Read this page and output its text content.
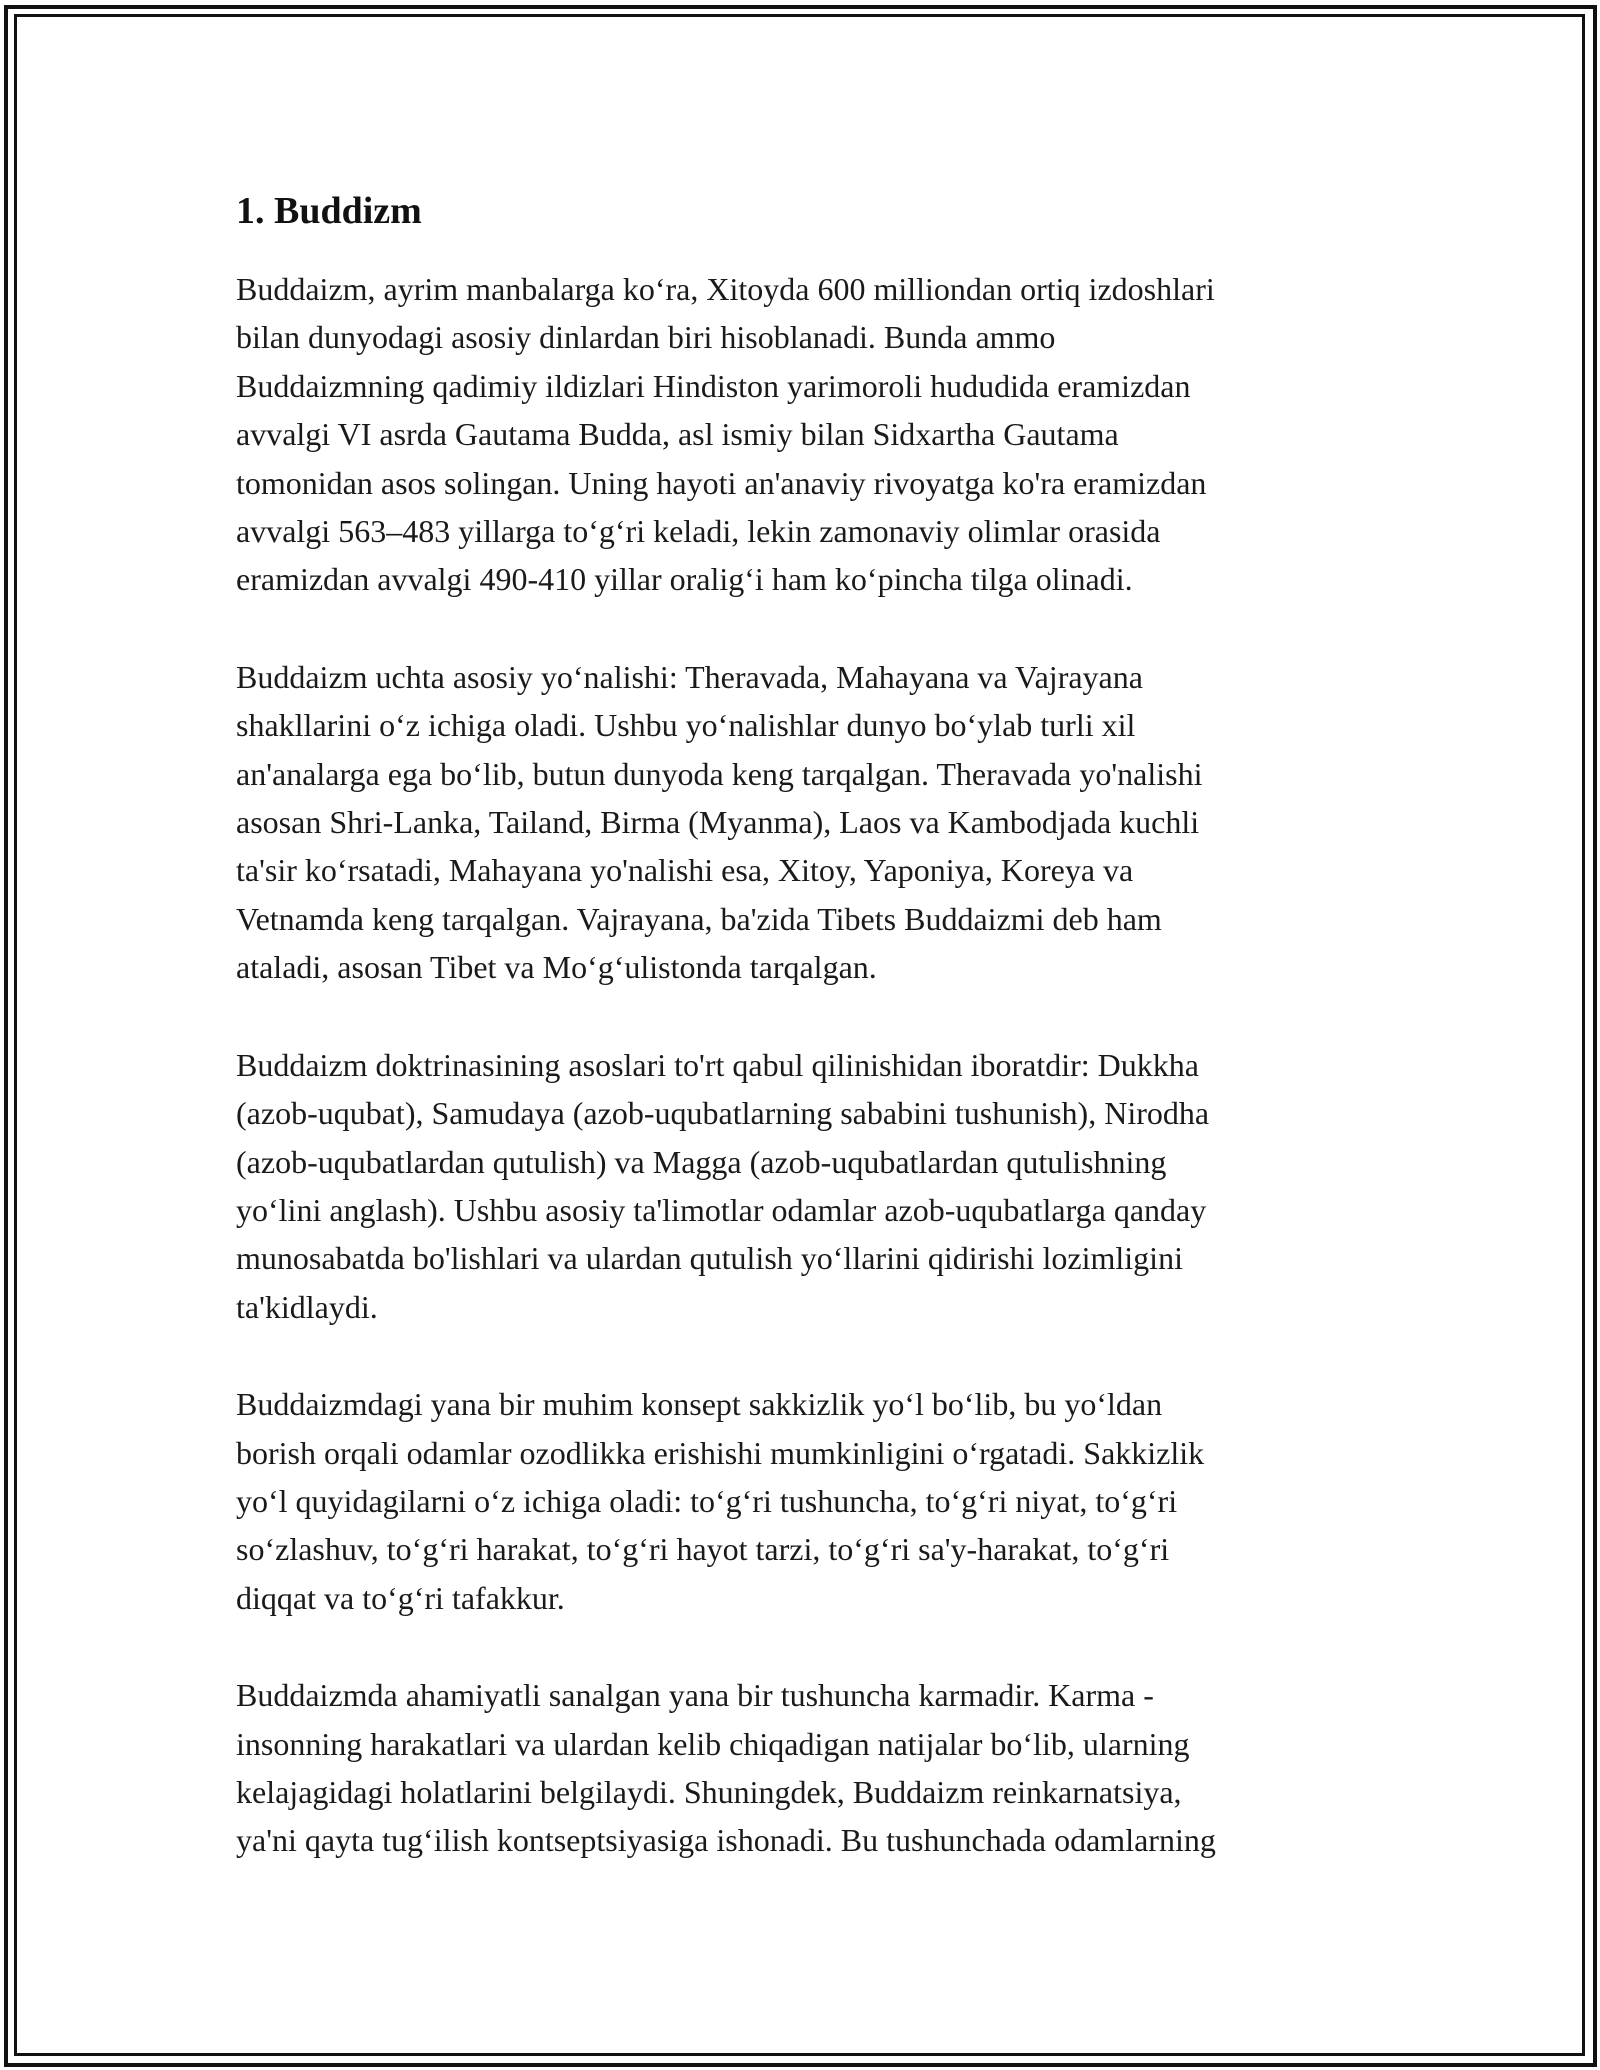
1. Buddizm

Buddaizm, ayrim manbalarga ko‘ra, Xitoyda 600 milliondan ortiq izdoshlari
bilan dunyodagi asosiy dinlardan biri hisoblanadi. Bunda ammo
Buddaizmning qadimiy ildizlari Hindiston yarimoroli hududida eramizdan
avvalgi VI asrda Gautama Budda, asl ismiy bilan Sidxartha Gautama
tomonidan asos solingan. Uning hayoti an'anaviy rivoyatga ko'ra eramizdan
avvalgi 563–483 yillarga to‘g‘ri keladi, lekin zamonaviy olimlar orasida
eramizdan avvalgi 490-410 yillar oralig‘i ham ko‘pincha tilga olinadi.

Buddaizm uchta asosiy yo‘nalishi: Theravada, Mahayana va Vajrayana
shakllarini o‘z ichiga oladi. Ushbu yo‘nalishlar dunyo bo‘ylab turli xil
an'analarga ega bo‘lib, butun dunyoda keng tarqalgan. Theravada yo'nalishi
asosan Shri-Lanka, Tailand, Birma (Myanma), Laos va Kambodjada kuchli
ta'sir ko‘rsatadi, Mahayana yo'nalishi esa, Xitoy, Yaponiya, Koreya va
Vetnamda keng tarqalgan. Vajrayana, ba'zida Tibets Buddaizmi deb ham
ataladi, asosan Tibet va Mo‘g‘ulistonda tarqalgan.

Buddaizm doktrinasining asoslari to'rt qabul qilinishidan iboratdir: Dukkha
(azob-uqubat), Samudaya (azob-uqubatlarning sababini tushunish), Nirodha
(azob-uqubatlardan qutulish) va Magga (azob-uqubatlardan qutulishning
yo‘lini anglash). Ushbu asosiy ta'limotlar odamlar azob-uqubatlarga qanday
munosabatda bo'lishlari va ulardan qutulish yo‘llarini qidirishi lozimligini
ta'kidlaydi.

Buddaizmdagi yana bir muhim konsept sakkizlik yo‘l bo‘lib, bu yo‘ldan
borish orqali odamlar ozodlikka erishishi mumkinligini o‘rgatadi. Sakkizlik
yo‘l quyidagilarni o‘z ichiga oladi: to‘g‘ri tushuncha, to‘g‘ri niyat, to‘g‘ri
so‘zlashuv, to‘g‘ri harakat, to‘g‘ri hayot tarzi, to‘g‘ri sa'y-harakat, to‘g‘ri
diqqat va to‘g‘ri tafakkur.

Buddaizmda ahamiyatli sanalgan yana bir tushuncha karmadir. Karma -
insonning harakatlari va ulardan kelib chiqadigan natijalar bo‘lib, ularning
kelajagidagi holatlarini belgilaydi. Shuningdek, Buddaizm reinkarnatsiya,
ya'ni qayta tug‘ilish kontseptsiyasiga ishonadi. Bu tushunchada odamlarning
